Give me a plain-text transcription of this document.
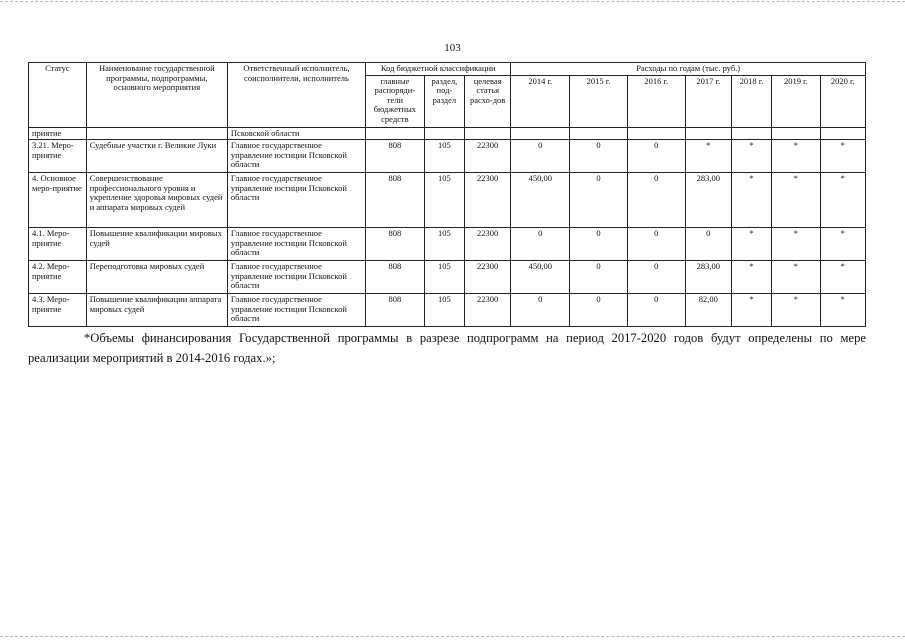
103
Статус	Наименование государственной программы, подпрограммы, основного мероприятия	Ответственный исполнитель, соисполнители, исполнитель	Код бюджетной классификации			Расходы по годам (тыс. руб.)						
			главные распоряди-тели бюджетных средств	раздел, под-раздел	целевая статья расхо-дов	2014 г.	2015 г.	2016 г.	2017 г.	2018 г.	2019 г.	2020 г.
приятие		Псковской области										
3.21. Меро-приятие	Судебные участки г. Великие Луки	Главное государственное управление юстиции Псковской области	808	105	22300	0	0	0	*	*	*	*
4. Основное меро-приятие	Совершенствование профессионального уровня и укрепление здоровья мировых судей и аппарата мировых судей	Главное государственное управление юстиции Псковской области	808	105	22300	450,00	0	0	283,00	*	*	*
4.1. Меро-приятие	Повышение квалификации мировых судей	Главное государственное управление юстиции Псковской области	808	105	22300	0	0	0	0	*	*	*
4.2. Меро-приятие	Переподготовка мировых судей	Главное государственное управление юстиции Псковской области	808	105	22300	450,00	0	0	283,00	*	*	*
4.3. Меро-приятие	Повышение квалификации аппарата мировых судей	Главное государственное управление юстиции Псковской области	808	105	22300	0	0	0	82,00	*	*	*
*Объемы финансирования Государственной программы в разрезе подпрограмм на период 2017-2020 годов будут определены по мере реализации мероприятий в 2014-2016 годах.»;
